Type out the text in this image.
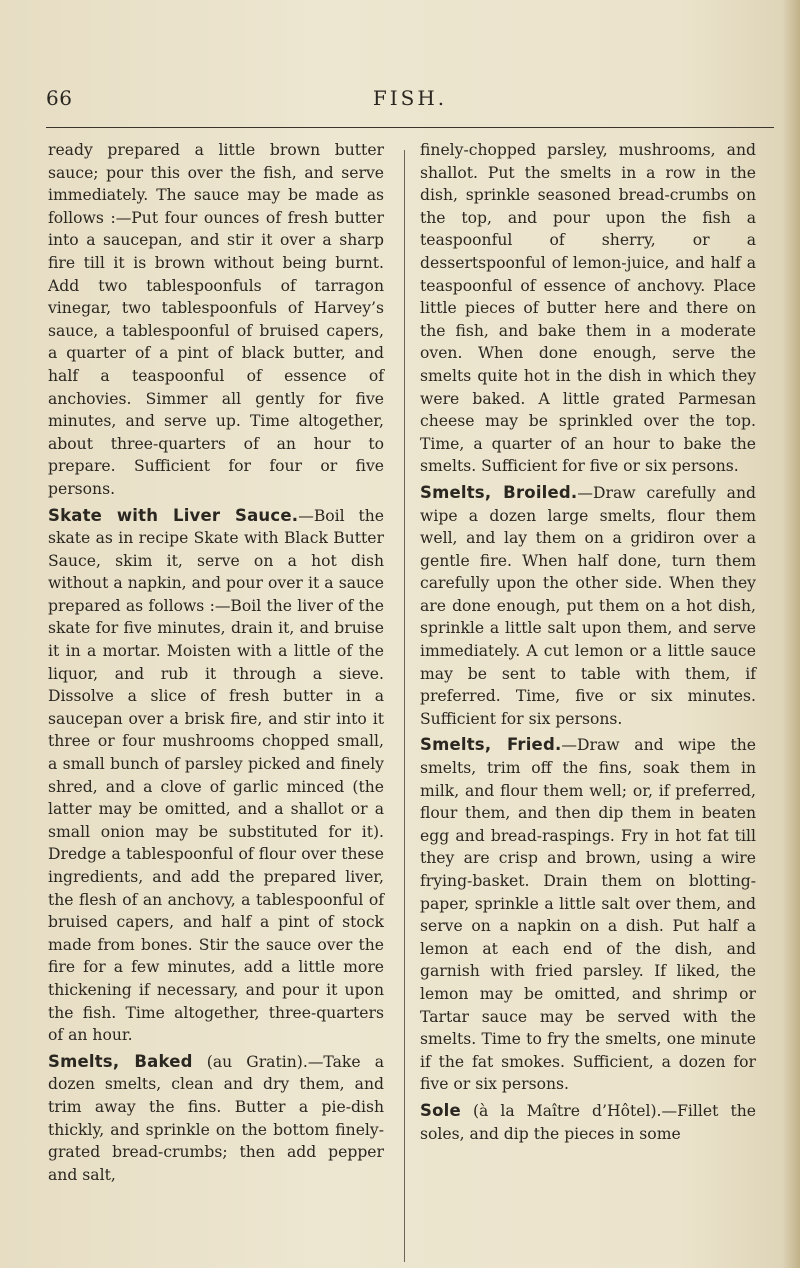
66	FISH.

ready prepared a little brown butter sauce; pour this over the fish, and serve immediately. The sauce may be made as follows :—Put four ounces of fresh butter into a saucepan, and stir it over a sharp fire till it is brown without being burnt. Add two tablespoonfuls of tarragon vinegar, two tablespoonfuls of Harvey’s sauce, a tablespoonful of bruised capers, a quarter of a pint of black butter, and half a teaspoonful of essence of anchovies. Simmer all gently for five minutes, and serve up. Time altogether, about three-quarters of an hour to prepare. Sufficient for four or five persons.

Skate with Liver Sauce.—Boil the skate as in recipe Skate with Black Butter Sauce, skim it, serve on a hot dish without a napkin, and pour over it a sauce prepared as follows :—Boil the liver of the skate for five minutes, drain it, and bruise it in a mortar. Moisten with a little of the liquor, and rub it through a sieve. Dissolve a slice of fresh butter in a saucepan over a brisk fire, and stir into it three or four mushrooms chopped small, a small bunch of parsley picked and finely shred, and a clove of garlic minced (the latter may be omitted, and a shallot or a small onion may be substituted for it). Dredge a tablespoonful of flour over these ingredients, and add the prepared liver, the flesh of an anchovy, a tablespoonful of bruised capers, and half a pint of stock made from bones. Stir the sauce over the fire for a few minutes, add a little more thickening if necessary, and pour it upon the fish. Time altogether, three-quarters of an hour.

Smelts, Baked (au Gratin).—Take a dozen smelts, clean and dry them, and trim away the fins. Butter a pie-dish thickly, and sprinkle on the bottom finely-grated bread-crumbs; then add pepper and salt,

finely-chopped parsley, mushrooms, and shallot. Put the smelts in a row in the dish, sprinkle seasoned bread-crumbs on the top, and pour upon the fish a teaspoonful of sherry, or a dessertspoonful of lemon-juice, and half a teaspoonful of essence of anchovy. Place little pieces of butter here and there on the fish, and bake them in a moderate oven. When done enough, serve the smelts quite hot in the dish in which they were baked. A little grated Parmesan cheese may be sprinkled over the top. Time, a quarter of an hour to bake the smelts. Sufficient for five or six persons.

Smelts, Broiled.—Draw carefully and wipe a dozen large smelts, flour them well, and lay them on a gridiron over a gentle fire. When half done, turn them carefully upon the other side. When they are done enough, put them on a hot dish, sprinkle a little salt upon them, and serve immediately. A cut lemon or a little sauce may be sent to table with them, if preferred. Time, five or six minutes. Sufficient for six persons.

Smelts, Fried.—Draw and wipe the smelts, trim off the fins, soak them in milk, and flour them well; or, if preferred, flour them, and then dip them in beaten egg and bread-raspings. Fry in hot fat till they are crisp and brown, using a wire frying-basket. Drain them on blotting-paper, sprinkle a little salt over them, and serve on a napkin on a dish. Put half a lemon at each end of the dish, and garnish with fried parsley. If liked, the lemon may be omitted, and shrimp or Tartar sauce may be served with the smelts. Time to fry the smelts, one minute if the fat smokes. Sufficient, a dozen for five or six persons.

Sole (à la Maître d’Hôtel).—Fillet the soles, and dip the pieces in some
